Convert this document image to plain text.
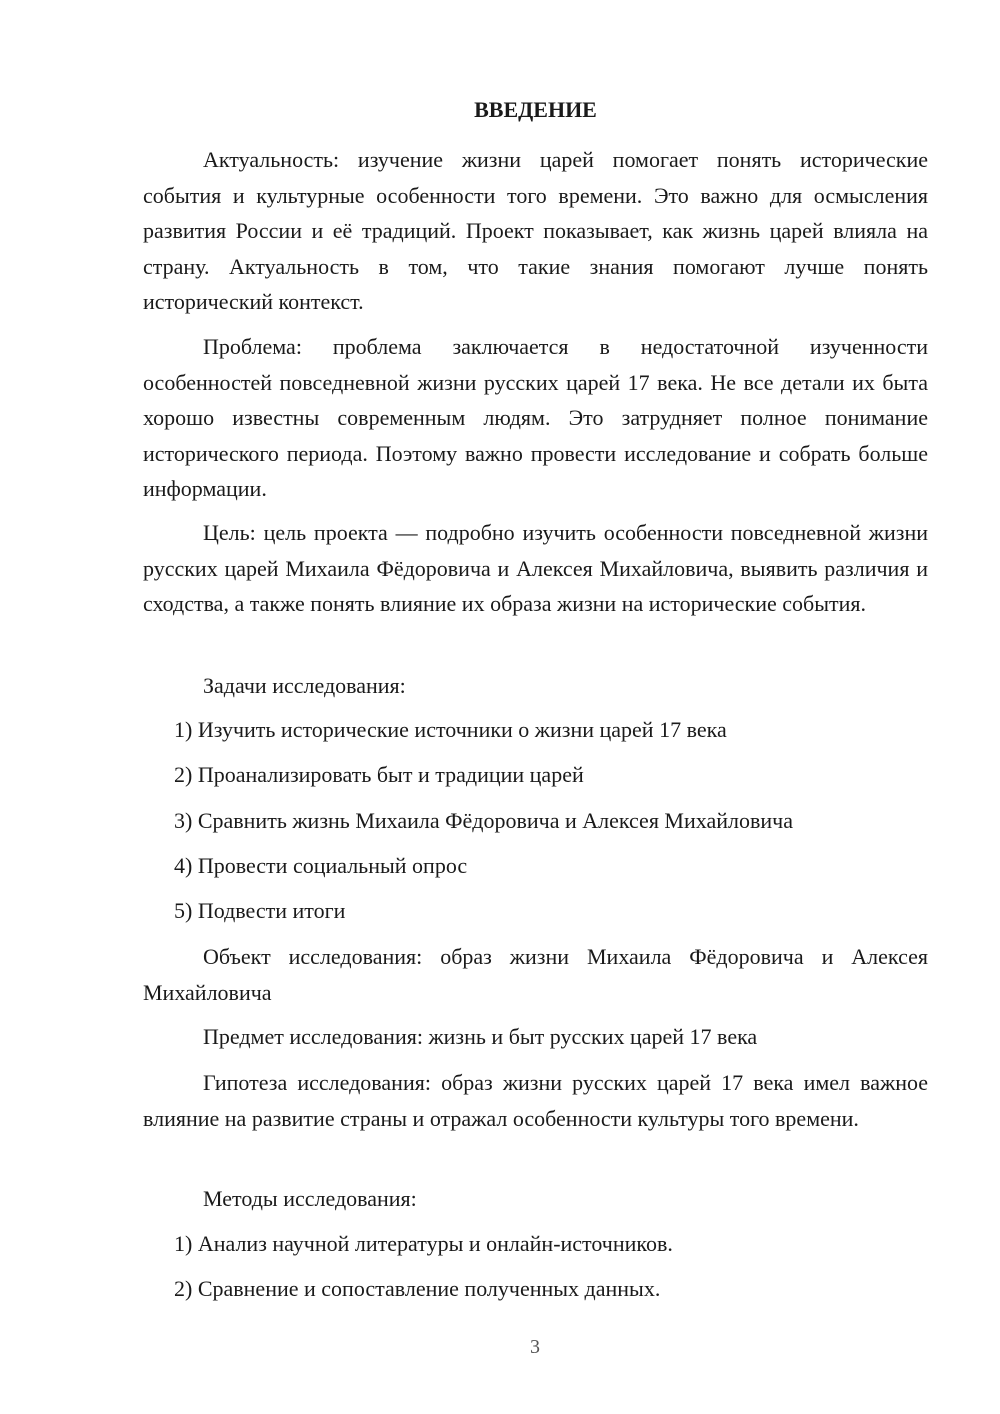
ВВЕДЕНИЕ

Актуальность: изучение жизни царей помогает понять исторические события и культурные особенности того времени. Это важно для осмысления развития России и её традиций. Проект показывает, как жизнь царей влияла на страну. Актуальность в том, что такие знания помогают лучше понять исторический контекст.

Проблема: проблема заключается в недостаточной изученности особенностей повседневной жизни русских царей 17 века. Не все детали их быта хорошо известны современным людям. Это затрудняет полное понимание исторического периода. Поэтому важно провести исследование и собрать больше информации.

Цель: цель проекта — подробно изучить особенности повседневной жизни русских царей Михаила Фёдоровича и Алексея Михайловича, выявить различия и сходства, а также понять влияние их образа жизни на исторические события.

Задачи исследования:

1) Изучить исторические источники о жизни царей 17 века

2) Проанализировать быт и традиции царей

3) Сравнить жизнь Михаила Фёдоровича и Алексея Михайловича

4) Провести социальный опрос

5) Подвести итоги

Объект исследования: образ жизни Михаила Фёдоровича и Алексея Михайловича

Предмет исследования: жизнь и быт русских царей 17 века

Гипотеза исследования: образ жизни русских царей 17 века имел важное влияние на развитие страны и отражал особенности культуры того времени.

Методы исследования:

1) Анализ научной литературы и онлайн-источников.

2) Сравнение и сопоставление полученных данных.

3
